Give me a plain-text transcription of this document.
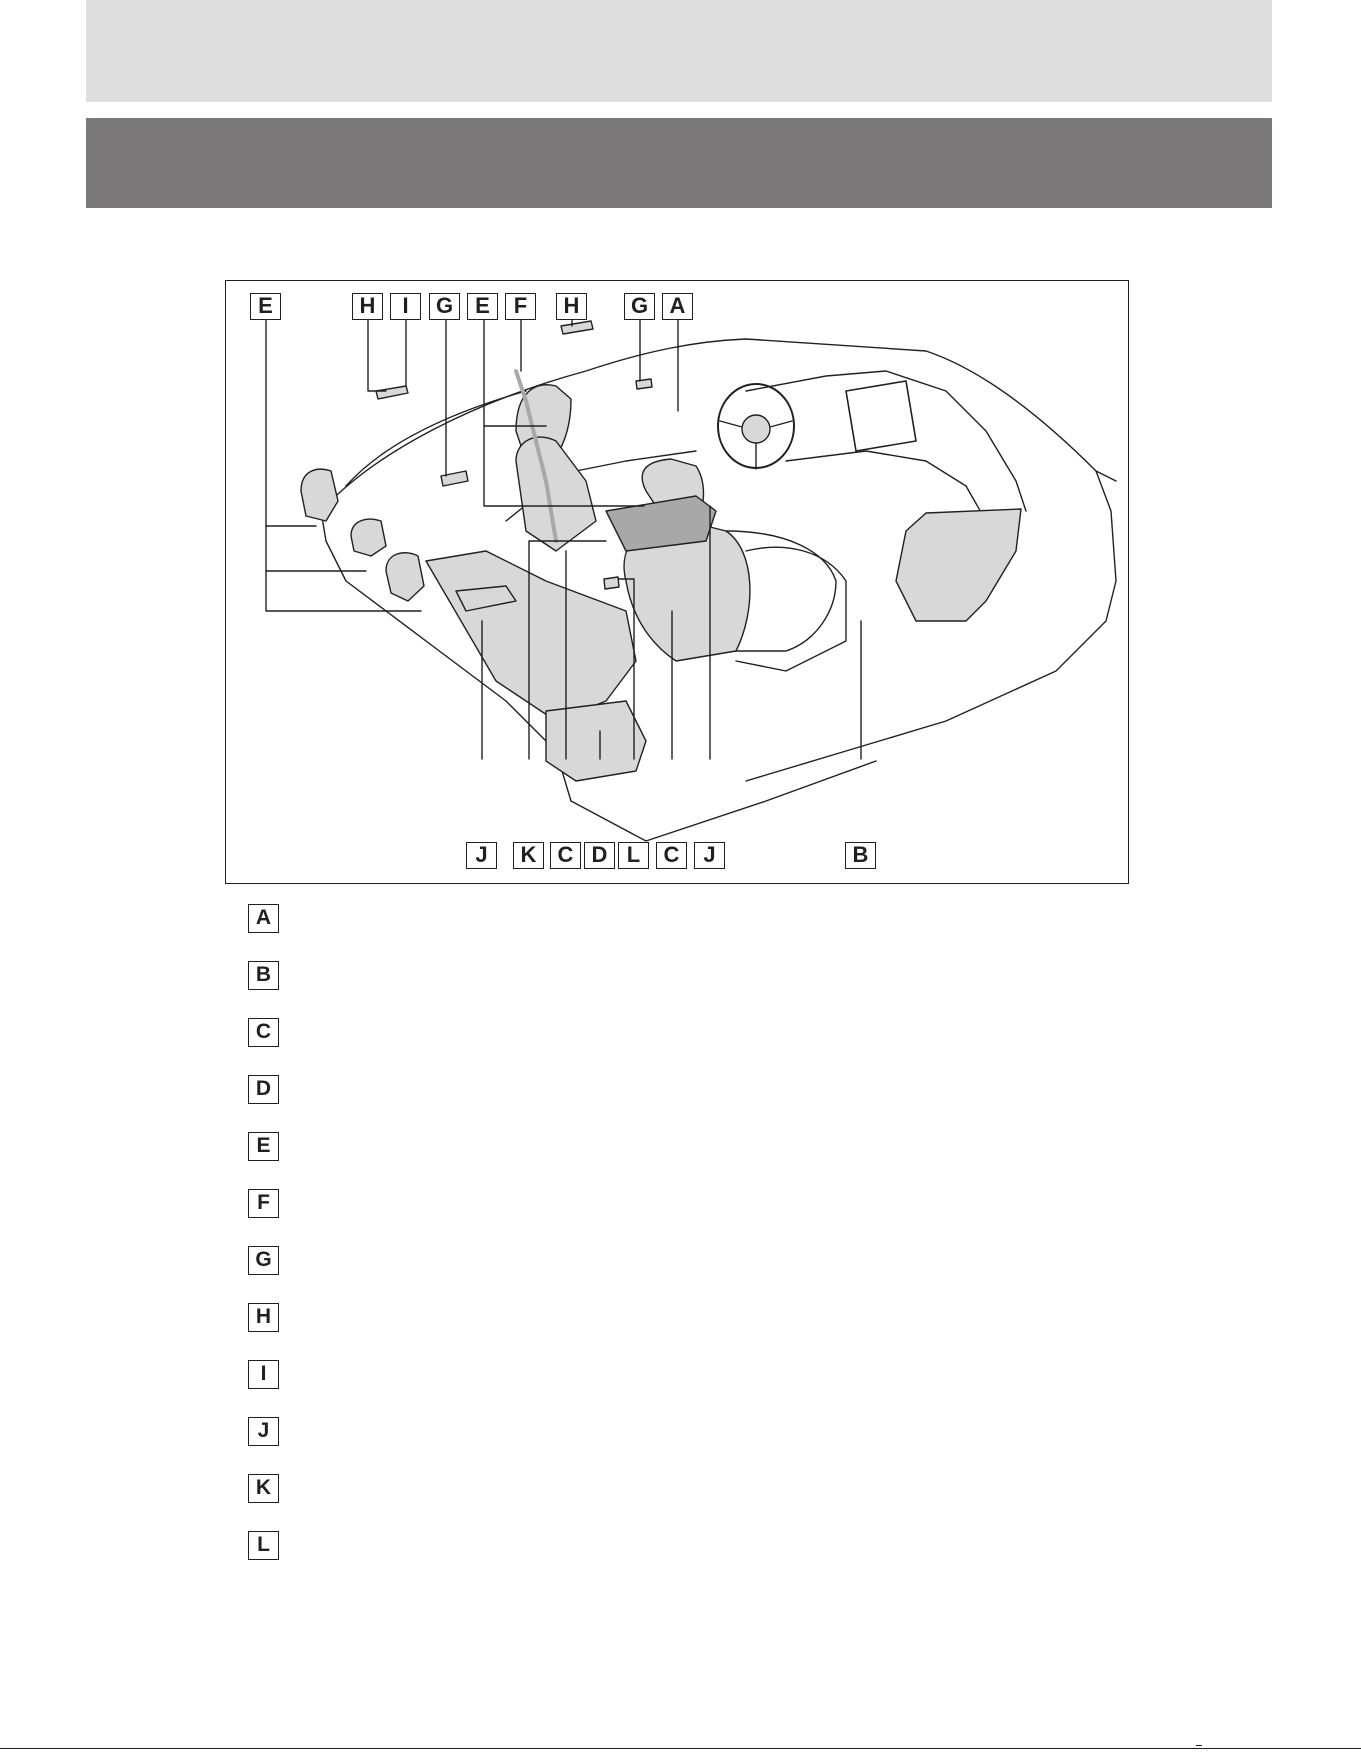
E	H	I	G	E	F	H	G A
J	K C D L	C	J	B
A
B
C
D
E
F
G
H
I
J
K
L
